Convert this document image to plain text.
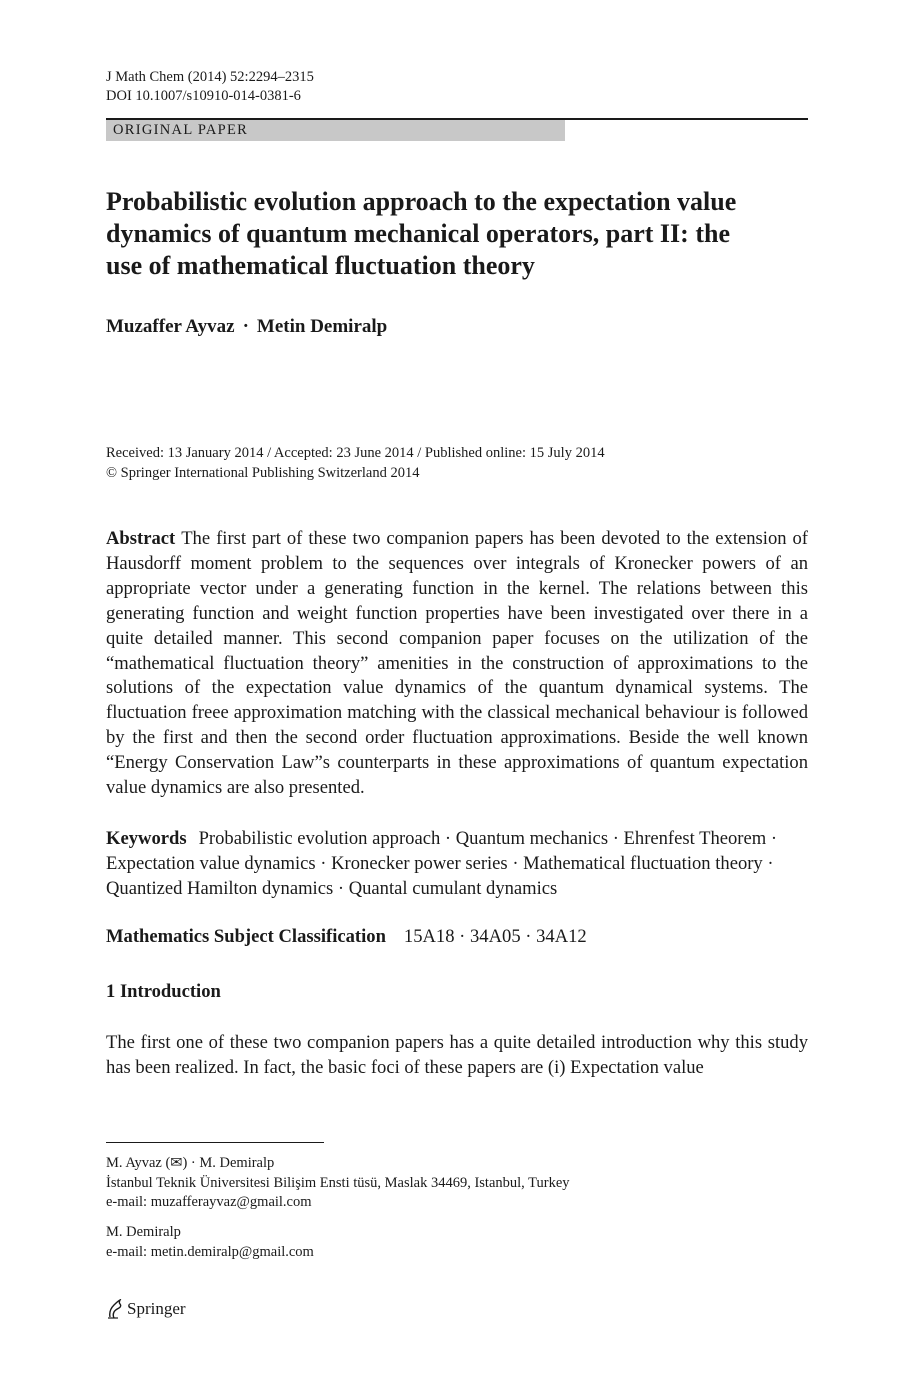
J Math Chem (2014) 52:2294–2315
DOI 10.1007/s10910-014-0381-6
ORIGINAL PAPER
Probabilistic evolution approach to the expectation value dynamics of quantum mechanical operators, part II: the use of mathematical fluctuation theory
Muzaffer Ayvaz · Metin Demiralp
Received: 13 January 2014 / Accepted: 23 June 2014 / Published online: 15 July 2014
© Springer International Publishing Switzerland 2014

Abstract The first part of these two companion papers has been devoted to the extension of Hausdorff moment problem to the sequences over integrals of Kronecker powers of an appropriate vector under a generating function in the kernel. The relations between this generating function and weight function properties have been investigated over there in a quite detailed manner. This second companion paper focuses on the utilization of the “mathematical fluctuation theory” amenities in the construction of approximations to the solutions of the expectation value dynamics of the quantum dynamical systems. The fluctuation freee approximation matching with the classical mechanical behaviour is followed by the first and then the second order fluctuation approximations. Beside the well known “Energy Conservation Law”s counterparts in these approximations of quantum expectation value dynamics are also presented.

Keywords Probabilistic evolution approach · Quantum mechanics · Ehrenfest Theorem · Expectation value dynamics · Kronecker power series · Mathematical fluctuation theory · Quantized Hamilton dynamics · Quantal cumulant dynamics

Mathematics Subject Classification 15A18 · 34A05 · 34A12
1 Introduction

The first one of these two companion papers has a quite detailed introduction why this study has been realized. In fact, the basic foci of these papers are (i) Expectation value

M. Ayvaz (✉) · M. Demiralp
İstanbul Teknik Üniversitesi Bilişim Ensti tüsü, Maslak 34469, Istanbul, Turkey
e-mail: muzafferayvaz@gmail.com
M. Demiralp
e-mail: metin.demiralp@gmail.com
Springer
